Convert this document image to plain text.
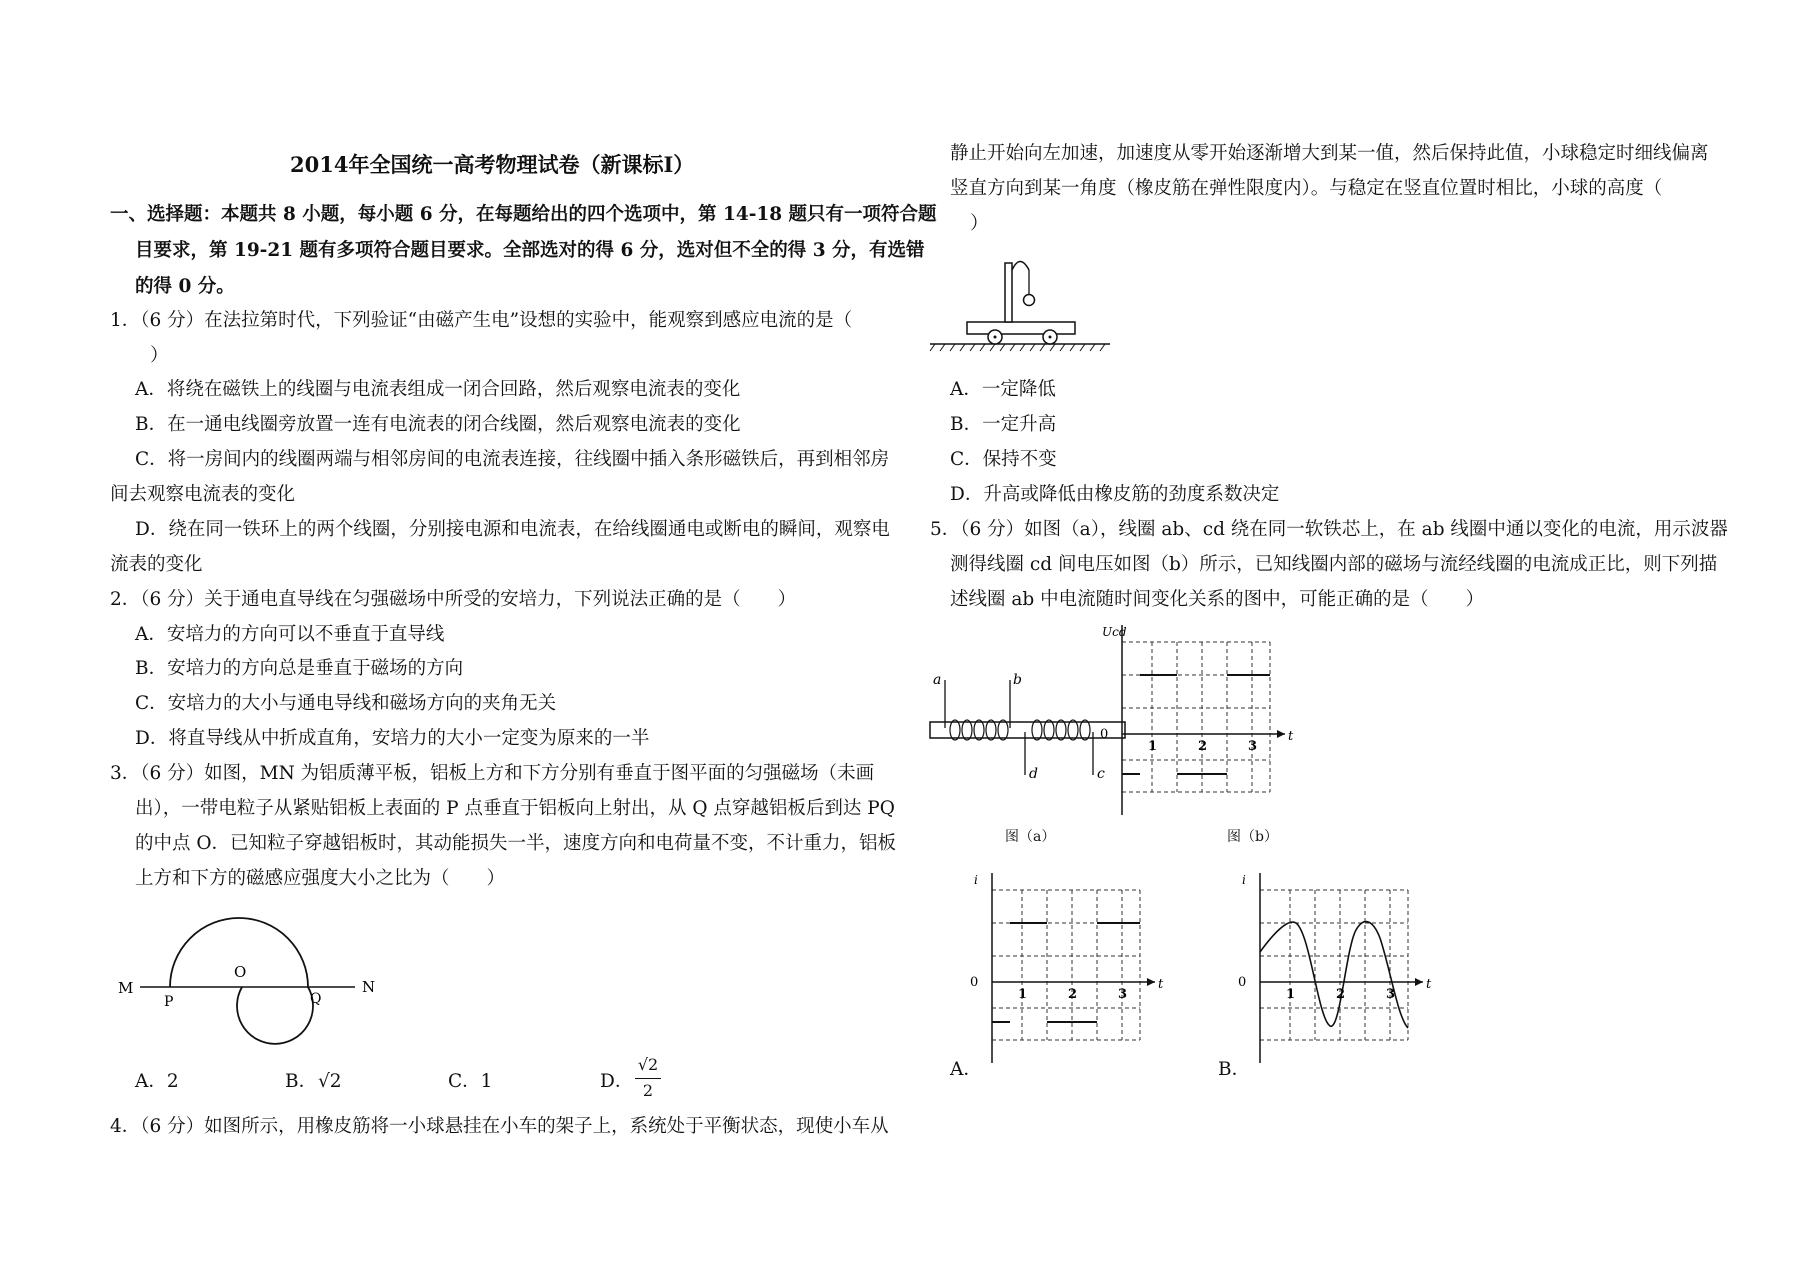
2014年全国统一高考物理试卷（新课标I）
一、选择题：本题共 8 小题，每小题 6 分，在每题给出的四个选项中，第 14-18 题只有一项符合题
目要求，第 19-21 题有多项符合题目要求。全部选对的得 6 分，选对但不全的得 3 分，有选错
的得 0 分。
1．（6 分）在法拉第时代，下列验证“由磁产生电”设想的实验中，能观察到感应电流的是（
）
A．将绕在磁铁上的线圈与电流表组成一闭合回路，然后观察电流表的变化
B．在一通电线圈旁放置一连有电流表的闭合线圈，然后观察电流表的变化
C．将一房间内的线圈两端与相邻房间的电流表连接，往线圈中插入条形磁铁后，再到相邻房
间去观察电流表的变化
D．绕在同一铁环上的两个线圈，分别接电源和电流表，在给线圈通电或断电的瞬间，观察电
流表的变化
2．（6 分）关于通电直导线在匀强磁场中所受的安培力，下列说法正确的是（　　）
A．安培力的方向可以不垂直于直导线
B．安培力的方向总是垂直于磁场的方向
C．安培力的大小与通电导线和磁场方向的夹角无关
D．将直导线从中折成直角，安培力的大小一定变为原来的一半
3．（6 分）如图，MN 为铝质薄平板，铝板上方和下方分别有垂直于图平面的匀强磁场（未画
出），一带电粒子从紧贴铝板上表面的 P 点垂直于铝板向上射出，从 Q 点穿越铝板后到达 PQ
的中点 O．已知粒子穿越铝板时，其动能损失一半，速度方向和电荷量不变，不计重力，铝板
上方和下方的磁感应强度大小之比为（　　）
M	N
P
O
Q
A．2	B． √2	C．1	D．
√2
2
4．（6 分）如图所示，用橡皮筋将一小球悬挂在小车的架子上，系统处于平衡状态，现使小车从
静止开始向左加速，加速度从零开始逐渐增大到某一值，然后保持此值，小球稳定时细线偏离
竖直方向到某一角度（橡皮筋在弹性限度内）。与稳定在竖直位置时相比，小球的高度（
）
A．一定降低
B．一定升高
C．保持不变
D．升高或降低由橡皮筋的劲度系数决定
5．（6 分）如图（a），线圈 ab、cd 绕在同一软铁芯上，在 ab 线圈中通以变化的电流，用示波器
测得线圈 cd 间电压如图（b）所示，已知线圈内部的磁场与流经线圈的电流成正比，则下列描
述线圈 ab 中电流随时间变化关系的图中，可能正确的是（　　）
a	b
d	c
图（a）
Ucd
0	t
1	2	3
图（b）
i
0	t
1	2	3
A．
i
0	t
1	2	3
B．
